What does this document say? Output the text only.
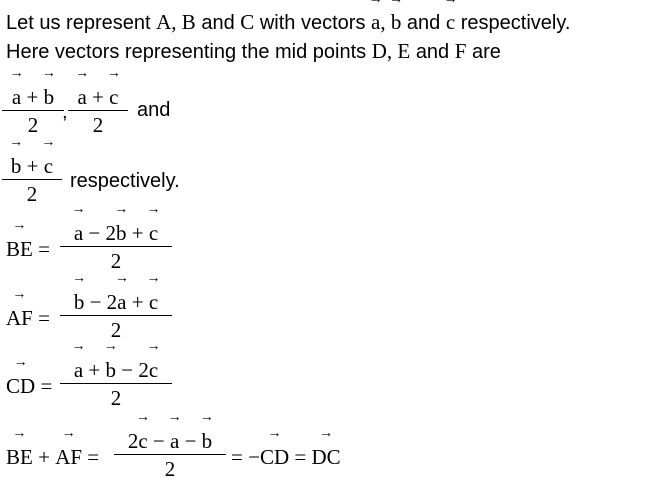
Let us represent A, B and C with vectors → a, → b and → c respectively.
Here vectors representing the mid points D, E and F are
→ a + → b
2
,
→ a + → c
2
and
→ b + → c
2
respectively.
→ BE =
→ a − 2→ b + → c
2
→ AF =
→ b − 2→ a + → c
2
→ CD =
→ a + → b − 2→ c
2
→ BE + → AF =
2→ c − → a − → b
2	= −→ CD = → DC
